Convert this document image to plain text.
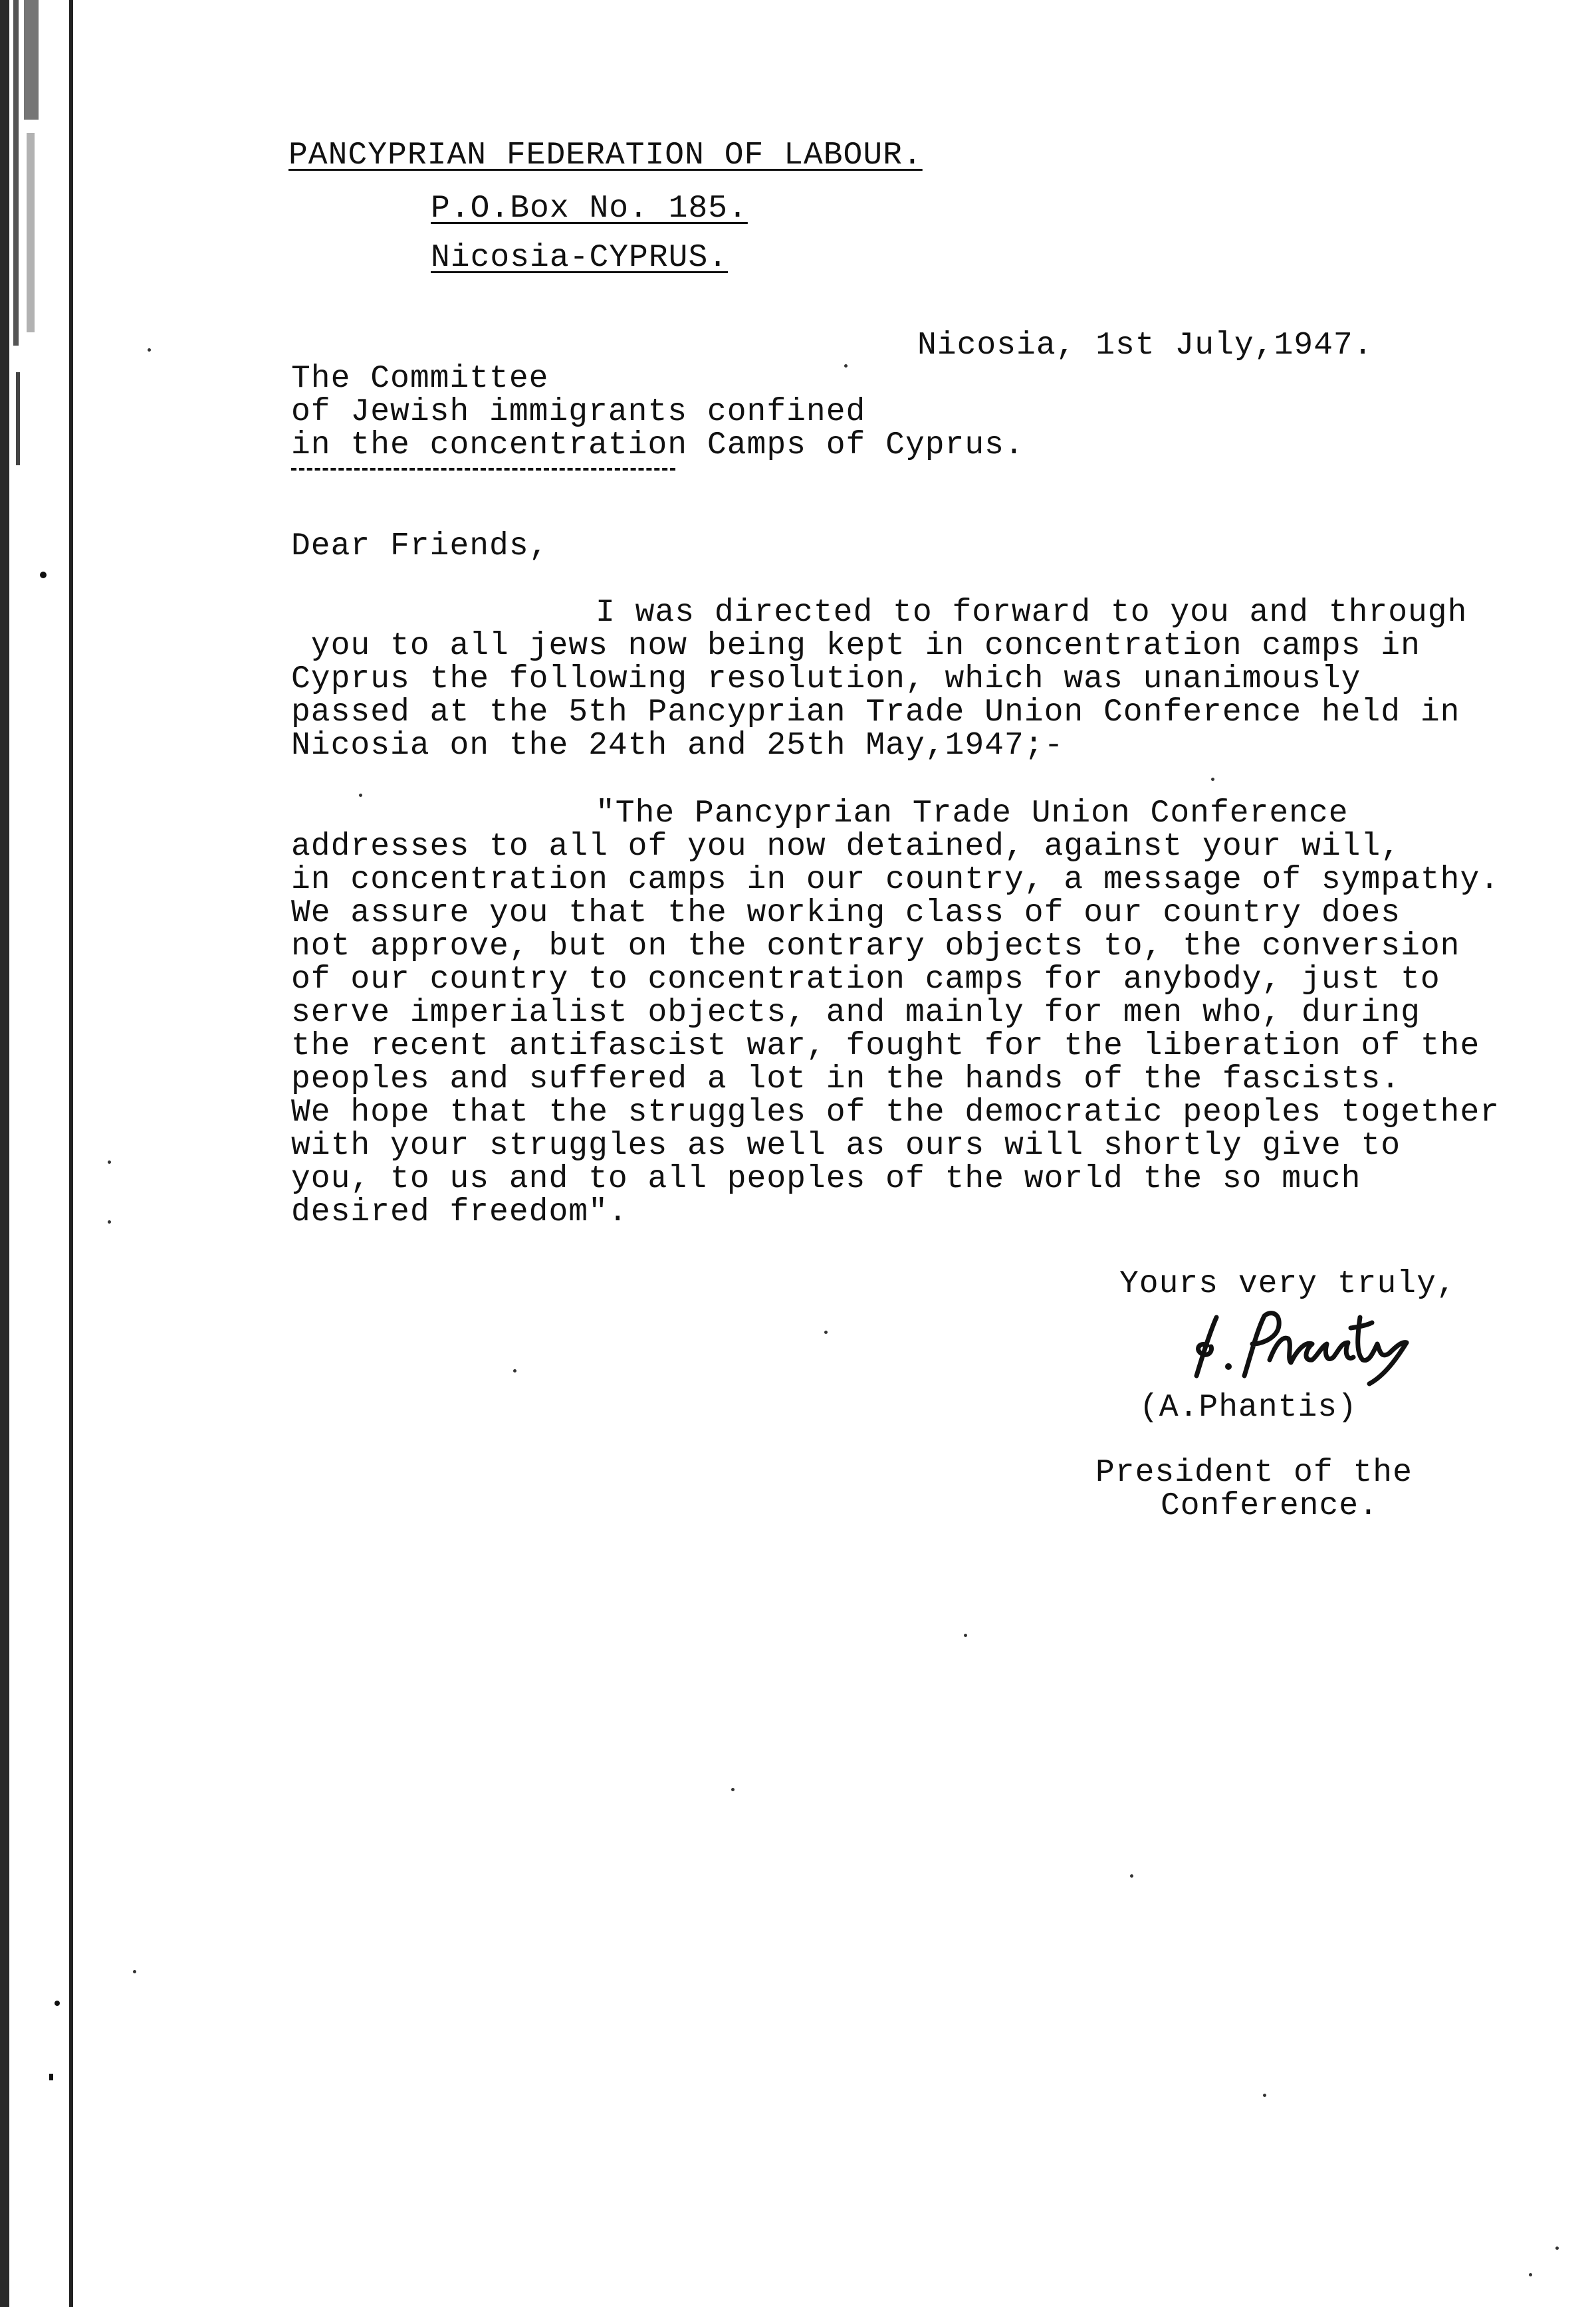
PANCYPRIAN FEDERATION OF LABOUR.
P.O.Box No. 185.
Nicosia-CYPRUS.
Nicosia, 1st July,1947.
The Committee
of Jewish immigrants confined
in the concentration Camps of Cyprus.
Dear Friends,
I was directed to forward to you and through
you to all jews now being kept in concentration camps in
Cyprus the following resolution, which was unanimously
passed at the 5th Pancyprian Trade Union Conference held in
Nicosia on the 24th and 25th May,1947;-
"The Pancyprian Trade Union Conference
addresses to all of you now detained, against your will,
in concentration camps in our country, a message of sympathy.
We assure you that the working class of our country does
not approve, but on the contrary objects to, the conversion
of our country to concentration camps for anybody, just to
serve imperialist objects, and mainly for men who, during
the recent antifascist war, fought for the liberation of the
peoples and suffered a lot in the hands of the fascists.
We hope that the struggles of the democratic peoples together
with your struggles as well as ours will shortly give to
you, to us and to all peoples of the world the so much
desired freedom".
Yours very truly,
(A.Phantis)
President of the
Conference.
